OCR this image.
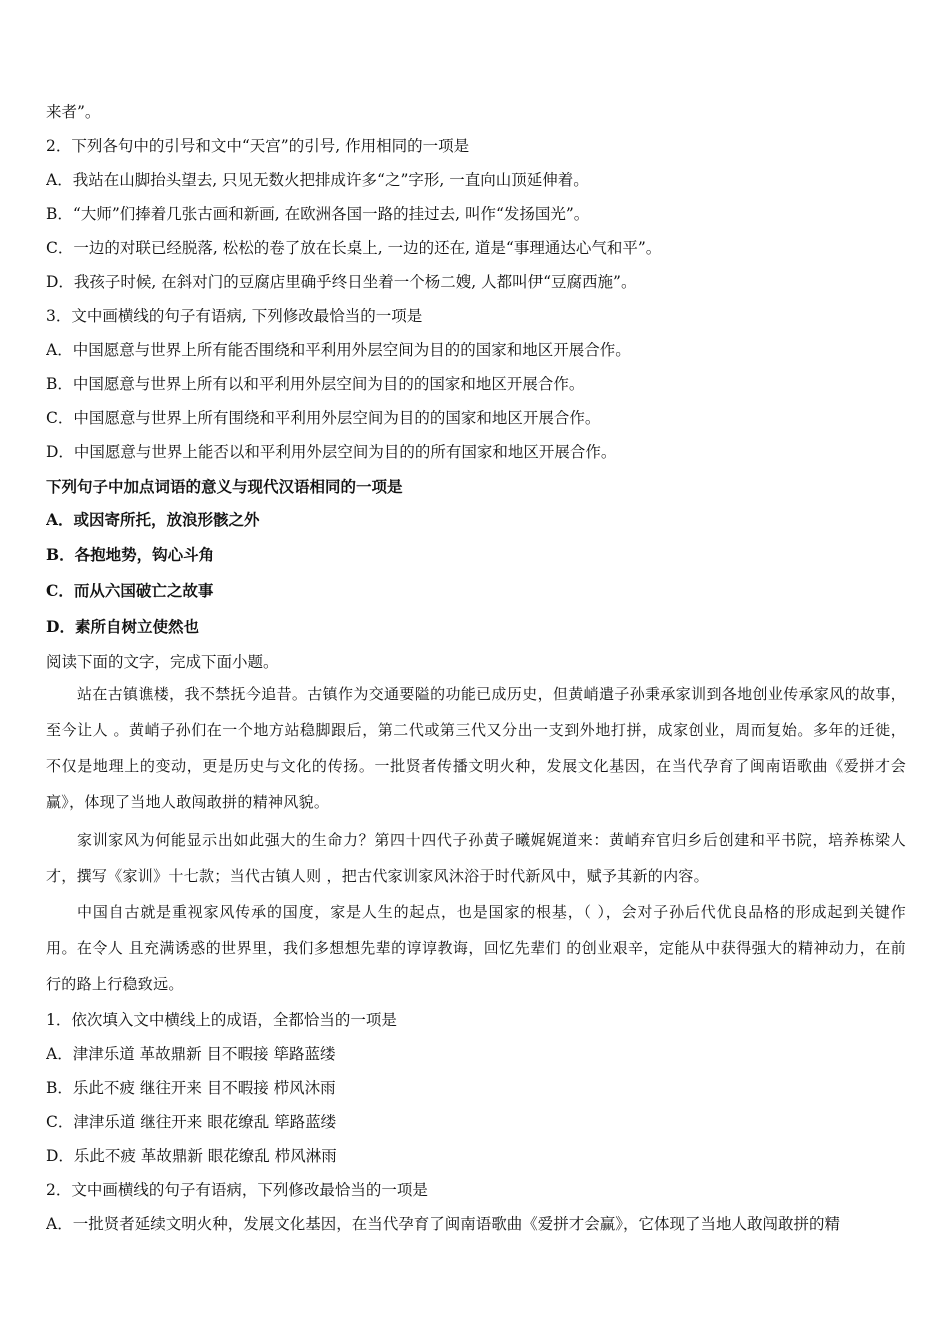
来者”。
2．下列各句中的引号和文中“天宫”的引号, 作用相同的一项是
A．我站在山脚抬头望去, 只见无数火把排成许多“之”字形, 一直向山顶延伸着。
B．“大师”们捧着几张古画和新画, 在欧洲各国一路的挂过去, 叫作“发扬国光”。
C．一边的对联已经脱落, 松松的卷了放在长桌上, 一边的还在, 道是“事理通达心气和平”。
D．我孩子时候, 在斜对门的豆腐店里确乎终日坐着一个杨二嫂, 人都叫伊“豆腐西施”。
3．文中画横线的句子有语病, 下列修改最恰当的一项是
A．中国愿意与世界上所有能否围绕和平利用外层空间为目的的国家和地区开展合作。
B．中国愿意与世界上所有以和平利用外层空间为目的的国家和地区开展合作。
C．中国愿意与世界上所有围绕和平利用外层空间为目的的国家和地区开展合作。
D．中国愿意与世界上能否以和平利用外层空间为目的的所有国家和地区开展合作。
下列句子中加点词语的意义与现代汉语相同的一项是
A．或因寄所托，放浪形骸之外
B．各抱地势，钩心斗角
C．而从六国破亡之故事
D．素所自树立使然也
阅读下面的文字，完成下面小题。
站在古镇谯楼，我不禁抚今追昔。古镇作为交通要隘的功能已成历史，但黄峭遣子孙秉承家训到各地创业传承家风的故事，至今让人 。黄峭子孙们在一个地方站稳脚跟后，第二代或第三代又分出一支到外地打拼，成家创业，周而复始。多年的迁徙，不仅是地理上的变动，更是历史与文化的传扬。一批贤者传播文明火种，发展文化基因，在当代孕育了闽南语歌曲《爱拼才会赢》，体现了当地人敢闯敢拼的精神风貌。
家训家风为何能显示出如此强大的生命力？第四十四代子孙黄子曦娓娓道来：黄峭弃官归乡后创建和平书院，培养栋梁人才，撰写《家训》十七款；当代古镇人则 ，把古代家训家风沐浴于时代新风中，赋予其新的内容。
中国自古就是重视家风传承的国度，家是人生的起点，也是国家的根基，（ ），会对子孙后代优良品格的形成起到关键作用。在令人 且充满诱惑的世界里，我们多想想先辈的谆谆教诲，回忆先辈们 的创业艰辛，定能从中获得强大的精神动力，在前行的路上行稳致远。
1．依次填入文中横线上的成语，全都恰当的一项是
A．津津乐道 革故鼎新 目不暇接 筚路蓝缕
B．乐此不疲 继往开来 目不暇接 栉风沐雨
C．津津乐道 继往开来 眼花缭乱 筚路蓝缕
D．乐此不疲 革故鼎新 眼花缭乱 栉风淋雨
2．文中画横线的句子有语病，下列修改最恰当的一项是
A．一批贤者延续文明火种，发展文化基因，在当代孕育了闽南语歌曲《爱拼才会赢》，它体现了当地人敢闯敢拼的精
